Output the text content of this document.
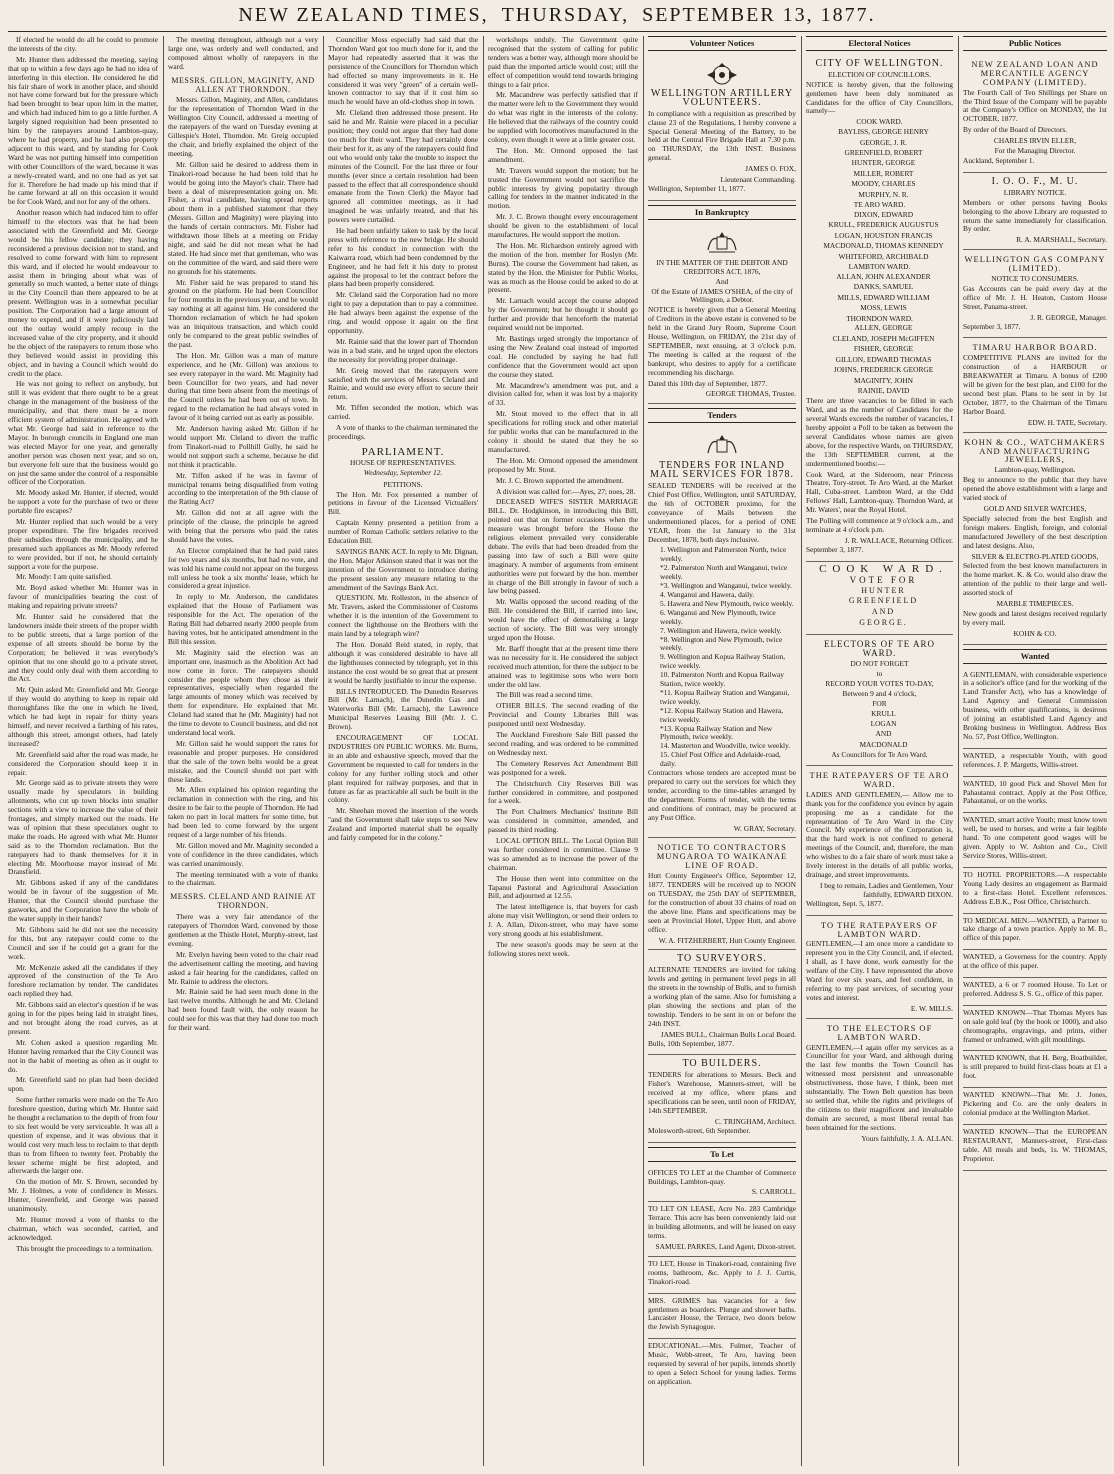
NEW ZEALAND TIMES, THURSDAY, SEPTEMBER 13, 1877.

If elected he would do all he could to promote the interests of the city.

Mr. Hunter then addressed the meeting, saying that up to within a few days ago he had no idea of interfering in this election. He considered he did his fair share of work in another place, and should not have come forward but for the pressure which had been brought to bear upon him in the matter, and which had induced him to go a little further. A largely signed requisition had been presented to him by the ratepayers around Lambton-quay, where he had property, and he had also property adjacent to this ward, and by standing for Cook Ward he was not putting himself into competition with other Councillors of the ward, because it was a newly-created ward, and no one had as yet sat for it. Therefore he had made up his mind that if he came forward at all on this occasion it would be for Cook Ward, and not for any of the others.

Another reason which had induced him to offer himself to the electors was that he had been associated with the Greenfield and Mr. George would be his fellow candidate; they having reconsidered a previous decision not to stand, and resolved to come forward with him to represent this ward, and if elected he would endeavour to assist them in bringing about what was of generally so much wanted, a better state of things in the City Council than there appeared to be at present. Wellington was in a somewhat peculiar position. The Corporation had a large amount of money to expend, and if it were judiciously laid out the outlay would amply recoup in the increased value of the city property, and it should be the object of the ratepayers to return those who they believed would assist in providing this object, and in having a Council which would do credit to the place.

He was not going to reflect on anybody, but still it was evident that there ought to be a great change in the management of the business of the municipality, and that there must be a more efficient system of administration. He agreed with what Mr. George had said in reference to the Mayor. In borough councils in England one man was elected Mayor for one year, and generally another person was chosen next year, and so on, but everyone felt sure that the business would go on just the same under the control of a responsible officer of the Corporation.

Mr. Moody asked Mr. Hunter, if elected, would he support a vote for the purchase of two or three portable fire escapes?

Mr. Hunter replied that such would be a very proper expenditure. The fire brigades received their subsidies through the municipality, and he presumed such appliances as Mr. Moody referred to were provided, but if not, he should certainly support a vote for the purpose.

Mr. Moody: I am quite satisfied.

Mr. Boyd asked whether Mr. Hunter was in favour of municipalities bearing the cost of making and repairing private streets?

Mr. Hunter said he considered that the landowners inside their streets of the proper width to be public streets, that a large portion of the expense of all streets should be borne by the Corporation; he believed it was everybody's opinion that no one should go to a private street, and they could only deal with them according to the Act.

Mr. Quin asked Mr. Greenfield and Mr. George if they would do anything to keep in repair old thoroughfares like the one in which he lived, which he had kept in repair for thirty years himself, and never received a farthing of his rates, although this street, amongst others, had lately increased?

Mr. Greenfield said after the road was made, he considered the Corporation should keep it in repair.

Mr. George said as to private streets they were usually made by speculators in building allotments, who cut up town blocks into smaller sections with a view to increase the value of their frontages, and simply marked out the roads. He was of opinion that these speculators ought to make the roads. He agreed with what Mr. Hunter said as to the Thorndon reclamation. But the ratepayers had to thank themselves for it in electing Mr. Moorhouse mayor instead of Mr. Dransfield.

Mr. Gibbons asked if any of the candidates would be in favour of the suggestion of Mr. Hunter, that the Council should purchase the gasworks, and the Corporation have the whole of the water supply in their hands?

Mr. Gibbons said he did not see the necessity for this, but any ratepayer could come to the Council and see if he could get a grant for the work.

Mr. McKenzie asked all the candidates if they approved of the construction of the Te Aro foreshore reclamation by tender. The candidates each replied they had.

Mr. Gibbons said an elector's question if he was going in for the pipes being laid in straight lines, and not brought along the road curves, as at present.

Mr. Cohen asked a question regarding Mr. Hunter having remarked that the City Council was not in the habit of meeting as often as it ought to do.

Mr. Greenfield said no plan had been decided upon.

Some further remarks were made on the Te Aro foreshore question, during which Mr. Hunter said he thought a reclamation to the depth of from four to six feet would be very serviceable. It was all a question of expense, and it was obvious that it would cost very much less to reclaim to that depth than to from fifteen to twenty feet. Probably the lesser scheme might be first adopted, and afterwards the larger one.

On the motion of Mr. S. Brown, seconded by Mr. J. Holmes, a vote of confidence in Messrs. Hunter, Greenfield, and George was passed unanimously.

Mr. Hunter moved a vote of thanks to the chairman, which was seconded, carried, and acknowledged.

This brought the proceedings to a termination.

The meeting throughout, although not a very large one, was orderly and well conducted, and composed almost wholly of ratepayers in the ward.

MESSRS. GILLON, MAGINITY, AND ALLEN AT THORNDON.

Messrs. Gillon, Maginity, and Allen, candidates for the representation of Thorndon Ward in the Wellington City Council, addressed a meeting of the ratepayers of the ward on Tuesday evening at Gillespie's Hotel, Thorndon. Mr. Greig occupied the chair, and briefly explained the object of the meeting.

Mr. Gillon said he desired to address them in Tinakori-road because he had been told that he would be going into the Mayor's chair. There had been a deal of misrepresentation going on. Mr. Fisher, a rival candidate, having spread reports about them in a published statement that they (Messrs. Gillon and Maginity) were playing into the hands of certain contractors. Mr. Fisher had withdrawn those libels at a meeting on Friday night, and said he did not mean what he had stated. He had since met that gentleman, who was on the committee of the ward, and said there were no grounds for his statements.

Mr. Fisher said he was prepared to stand his ground on the platform. He had been Councillor for four months in the previous year, and he would say nothing at all against him. He considered the Thorndon reclamation of which he had spoken was an iniquitous transaction, and which could only be compared to the great public swindles of the past.

The Hon. Mr. Gillon was a man of mature experience, and he (Mr. Gillon) was anxious to see every ratepayer in the ward. Mr. Maginity had been Councillor for two years, and had never during that time been absent from the meetings of the Council unless he had been out of town. In regard to the reclamation he had always voted in favour of it being carried out as early as possible.

Mr. Anderson having asked Mr. Gillon if he would support Mr. Cleland to divert the traffic from Tinakori-road to Pollhill Gully, he said he would not support such a scheme, because he did not think it practicable.

Mr. Tiffen asked if he was in favour of municipal tenants being disqualified from voting according to the interpretation of the 9th clause of the Rating Act?

Mr. Gillon did not at all agree with the principle of the clause, the principle he agreed with being that the persons who paid the rates should have the votes.

An Elector complained that he had paid rates for two years and six months, but had no vote, and was told his name could not appear on the burgess roll unless he took a six months' lease, which he considered a great injustice.

In reply to Mr. Anderson, the candidates explained that the House of Parliament was responsible for the Act. The operation of the Rating Bill had debarred nearly 2000 people from having votes, but he anticipated amendment in the Bill this session.

Mr. Maginity said the election was an important one, inasmuch as the Abolition Act had now come in force. The ratepayers should consider the people whom they chose as their representatives, especially when regarded the large amounts of money which was received by them for expenditure. He explained that Mr. Cleland had stated that he (Mr. Maginity) had not the time to devote to Council business, and did not understand local work.

Mr. Gillon said he would support the rates for reasonable and proper purposes. He considered that the sale of the town belts would be a great mistake, and the Council should not part with these lands.

Mr. Allen explained his opinion regarding the reclamation in connection with the ring, and his desire to be fair to the people of Thorndon. He had taken no part in local matters for some time, but had been led to come forward by the urgent request of a large number of his friends.

Mr. Gillon moved and Mr. Maginity seconded a vote of confidence in the three candidates, which was carried unanimously.

The meeting terminated with a vote of thanks to the chairman.

MESSRS. CLELAND AND RAINIE AT THORNDON.

There was a very fair attendance of the ratepayers of Thorndon Ward, convened by those gentlemen at the Thistle Hotel, Murphy-street, last evening.

Mr. Evelyn having been voted to the chair read the advertisement calling the meeting, and having asked a fair hearing for the candidates, called on Mr. Rainie to address the electors.

Mr. Rainie said he had seen much done in the last twelve months. Although he and Mr. Cleland had been found fault with, the only reason he could see for this was that they had done too much for their ward.

Councillor Moss especially had said that the Thorndon Ward got too much done for it, and the Mayor had repeatedly asserted that it was the persistence of the Councillors for Thorndon which had effected so many improvements in it. He considered it was very "green" of a certain well-known contractor to say that if it cost him so much he would have an old-clothes shop in town.

Mr. Cleland then addressed those present. He said he and Mr. Rainie were placed in a peculiar position; they could not argue that they had done too much for their ward. They had certainly done their best for it, as any of the ratepayers could find out who would only take the trouble to inspect the minutes of the Council. For the last three or four months (ever since a certain resolution had been passed to the effect that all correspondence should emanate from the Town Clerk) the Mayor had ignored all committee meetings, as it had imagined he was unfairly treated, and that his powers were curtailed.

He had been unfairly taken to task by the local press with reference to the new bridge. He should refer to his conduct in connection with the Kaiwarra road, which had been condemned by the Engineer, and he had felt it his duty to protest against the proposal to let the contract before the plans had been properly considered.

Mr. Cleland said the Corporation had no more right to pay a deputation than to pay a committee. He had always been against the expense of the ring, and would oppose it again on the first opportunity.

Mr. Rainie said that the lower part of Thorndon was in a bad state, and he urged upon the electors the necessity for providing proper drainage.

Mr. Greig moved that the ratepayers were satisfied with the services of Messrs. Cleland and Rainie, and would use every effort to secure their return.

Mr. Tiffen seconded the motion, which was carried.

A vote of thanks to the chairman terminated the proceedings.

PARLIAMENT.

HOUSE OF REPRESENTATIVES.

Wednesday, September 12.

PETITIONS.

The Hon. Mr. Fox presented a number of petitions in favour of the Licensed Victuallers' Bill.

Captain Kenny presented a petition from a number of Roman Catholic settlers relative to the Education Bill.

SAVINGS BANK ACT. In reply to Mr. Dignan, the Hon. Major Atkinson stated that it was not the intention of the Government to introduce during the present session any measure relating to the amendment of the Savings Bank Act.

QUESTION. Mr. Rolleston, in the absence of Mr. Travers, asked the Commissioner of Customs whether it is the intention of the Government to connect the lighthouse on the Brothers with the main land by a telegraph wire?

The Hon. Donald Reid stated, in reply, that although it was considered desirable to have all the lighthouses connected by telegraph, yet in this instance the cost would be so great that at present it would be hardly justifiable to incur the expense.

BILLS INTRODUCED. The Dunedin Reserves Bill (Mr. Larnach), the Dunedin Gas and Waterworks Bill (Mr. Larnach), the Lawrence Municipal Reserves Leasing Bill (Mr. J. C. Brown).

ENCOURAGEMENT OF LOCAL INDUSTRIES ON PUBLIC WORKS. Mr. Burns, in an able and exhaustive speech, moved that the Government be requested to call for tenders in the colony for any further rolling stock and other plant required for railway purposes, and that in future as far as practicable all such be built in the colony.

Mr. Sheehan moved the insertion of the words "and the Government shall take steps to see New Zealand and imported material shall be equally and fairly competed for in the colony."

workshops unduly. The Government quite recognised that the system of calling for public tenders was a better way, although more should be paid than the imported article would cost; still the effect of competition would tend towards bringing things to a fair price.

Mr. Macandrew was perfectly satisfied that if the matter were left to the Government they would do what was right in the interests of the colony. He believed that the railways of the country could be supplied with locomotives manufactured in the colony, even though it were at a little greater cost.

The Hon. Mr. Ormond opposed the last amendment.

Mr. Travers would support the motion; but he trusted the Government would not sacrifice the public interests by giving popularity through calling for tenders in the manner indicated in the motion.

Mr. J. C. Brown thought every encouragement should be given to the establishment of local manufactures. He would support the motion.

The Hon. Mr. Richardson entirely agreed with the motion of the hon. member for Roslyn (Mr. Burns). The course the Government had taken, as stated by the Hon. the Minister for Public Works, was as much as the House could be asked to do at present.

Mr. Larnach would accept the course adopted by the Government; but he thought it should go further and provide that henceforth the material required would not be imported.

Mr. Bastings urged strongly the importance of using the New Zealand coal instead of imported coal. He concluded by saying he had full confidence that the Government would act upon the course they stated.

Mr. Macandrew's amendment was put, and a division called for, when it was lost by a majority of 33.

Mr. Stout moved to the effect that in all specifications for rolling stock and other material for public works that can be manufactured in the colony it should be stated that they be so manufactured.

The Hon. Mr. Ormond opposed the amendment proposed by Mr. Stout.

Mr. J. C. Brown supported the amendment.

A division was called for:—Ayes, 27; noes, 28.

DECEASED WIFE'S SISTER MARRIAGE BILL. Dr. Hodgkinson, in introducing this Bill, pointed out that on former occasions when the measure was brought before the House the religious element prevailed very considerable debate. The evils that had been dreaded from the passing into law of such a Bill were quite imaginary. A number of arguments from eminent authorities were put forward by the hon. member in charge of the Bill strongly in favour of such a law being passed.

Mr. Wallis opposed the second reading of the Bill. He considered the Bill, if carried into law, would have the effect of demoralising a large section of society. The Bill was very strongly urged upon the House.

Mr. Barff thought that at the present time there was no necessity for it. He considered the subject received much attention, for there the subject to be attained was to legitimise sons who were born under the old law.

The Bill was read a second time.

OTHER BILLS. The second reading of the Provincial and County Libraries Bill was postponed until next Wednesday.

The Auckland Foreshore Sale Bill passed the second reading, and was ordered to be committed on Wednesday next.

The Cemetery Reserves Act Amendment Bill was postponed for a week.

The Christchurch City Reserves Bill was further considered in committee, and postponed for a week.

The Port Chalmers Mechanics' Institute Bill was considered in committee, amended, and passed its third reading.

LOCAL OPTION BILL. The Local Option Bill was further considered in committee. Clause 9 was so amended as to increase the power of the chairman.

The House then went into committee on the Tapanui Pastoral and Agricultural Association Bill, and adjourned at 12.55.

The latest intelligence is, that buyers for cash alone may visit Wellington, or send their orders to J. A. Allan, Dixon-street, who may have some very strong goods at his establishment.

The new season's goods may be seen at the following stores next week.

Volunteer Notices

WELLINGTON ARTILLERY VOLUNTEERS.

In compliance with a requisition as prescribed by clause 23 of the Regulations, I hereby convene a Special General Meeting of the Battery, to be held at the Central Fire Brigade Hall at 7.30 p.m. on THURSDAY, the 13th INST. Business general.

JAMES O. FOX,

Lieutenant Commanding.

Wellington, September 11, 1877.

In Bankruptcy

IN THE MATTER OF THE DEBTOR AND CREDITORS ACT, 1876,

And

Of the Estate of JAMES O'SHEA, of the city of Wellington, a Debtor.

NOTICE is hereby given that a General Meeting of Creditors in the above estate is convened to be held in the Grand Jury Room, Supreme Court House, Wellington, on FRIDAY, the 21st day of SEPTEMBER, next ensuing, at 3 o'clock p.m. The meeting is called at the request of the bankrupt, who desires to apply for a certificate recommending his discharge.

Dated this 10th day of September, 1877.

GEORGE THOMAS, Trustee.

Tenders

TENDERS FOR INLAND MAIL SERVICES FOR 1878.

SEALED TENDERS will be received at the Chief Post Office, Wellington, until SATURDAY, the 6th of OCTOBER proximo, for the conveyance of Mails between the undermentioned places, for a period of ONE YEAR, from the 1st January to the 31st December, 1878, both days inclusive.

1. Wellington and Palmerston North, twice weekly.

*2. Palmerston North and Wanganui, twice weekly.

*3. Wellington and Wanganui, twice weekly.

4. Wanganui and Hawera, daily.

5. Hawera and New Plymouth, twice weekly.

6. Wanganui and New Plymouth, twice weekly.

7. Wellington and Hawera, twice weekly.

*8. Wellington and New Plymouth, twice weekly.

9. Wellington and Kopua Railway Station, twice weekly.

10. Palmerston North and Kopua Railway Station, twice weekly.

*11. Kopua Railway Station and Wanganui, twice weekly.

*12. Kopua Railway Station and Hawera, twice weekly.

*13. Kopua Railway Station and New Plymouth, twice weekly.

14. Masterton and Woodville, twice weekly.

15. Chief Post Office and Adelaide-road, daily.

Contractors whose tenders are accepted must be prepared to carry out the services for which they tender, according to the time-tables arranged by the department. Forms of tender, with the terms and conditions of contract, may be procured at any Post Office.

W. GRAY, Secretary.

NOTICE TO CONTRACTORS MUNGAROA TO WAIKANAE LINE OF ROAD.

Hutt County Engineer's Office, September 12, 1877. TENDERS will be received up to NOON on TUESDAY, the 25th DAY of SEPTEMBER, for the construction of about 33 chains of road on the above line. Plans and specifications may be seen at Provincial Hotel, Upper Hutt, and above office.

W. A. FITZHERBERT, Hutt County Engineer.

TO SURVEYORS.

ALTERNATE TENDERS are invited for taking levels and getting in permanent level pegs in all the streets in the township of Bulls, and to furnish a working plan of the same. Also for furnishing a plan showing the sections and plan of the township. Tenders to be sent in on or before the 24th INST.

JAMES BULL, Chairman Bulls Local Board.

Bulls, 10th September, 1877.

TO BUILDERS.

TENDERS for alterations to Messrs. Beck and Fisher's Warehouse, Manners-street, will be received at my office, where plans and specifications can be seen, until noon of FRIDAY, 14th SEPTEMBER.

C. TRINGHAM, Architect.

Molesworth-street, 6th September.

To Let

OFFICES TO LET at the Chamber of Commerce Buildings, Lambton-quay.

S. CARROLL.

TO LET ON LEASE, Acre No. 283 Cambridge Terrace. This acre has been conveniently laid out in building allotments, and will be leased on easy terms.

SAMUEL PARKES, Land Agent, Dixon-street.

TO LET, House in Tinakori-road, containing five rooms, bathroom, &c. Apply to J. J. Curtis, Tinakori-road.

MRS. GRIMES has vacancies for a few gentlemen as boarders. Plunge and shower baths. Lancaster House, the Terrace, two doors below the Jewish Synagogue.

EDUCATIONAL.—Mrs. Fulmer, Teacher of Music, Webb-street, Te Aro, having been requested by several of her pupils, intends shortly to open a Select School for young ladies. Terms on application.

Electoral Notices

CITY OF WELLINGTON.

ELECTION OF COUNCILLORS.

NOTICE is hereby given, that the following gentlemen have been duly nominated as Candidates for the office of City Councillors, namely—

COOK WARD.

BAYLISS, GEORGE HENRY

GEORGE, J. R.

GREENFIELD, ROBERT

HUNTER, GEORGE

MILLER, ROBERT

MOODY, CHARLES

MURPHY, N. R.

TE ARO WARD.

DIXON, EDWARD

KRULL, FREDERICK AUGUSTUS

LOGAN, HOUSTON FRANCIS

MACDONALD, THOMAS KENNEDY

WHITEFORD, ARCHIBALD

LAMBTON WARD.

ALLAN, JOHN ALEXANDER

DANKS, SAMUEL

MILLS, EDWARD WILLIAM

MOSS, LEWIS

THORNDON WARD.

ALLEN, GEORGE

CLELAND, JOSEPH McGIFFEN

FISHER, GEORGE

GILLON, EDWARD THOMAS

JOHNS, FREDERICK GEORGE

MAGINITY, JOHN

RAINIE, DAVID

There are three vacancies to be filled in each Ward, and as the number of Candidates for the several Wards exceeds the number of vacancies, I hereby appoint a Poll to be taken as between the several Candidates whose names are given above, for the respective Wards, on THURSDAY, the 13th SEPTEMBER current, at the undermentioned booths:—

Cook Ward, at the Sideroom, near Princess Theatre, Tory-street. Te Aro Ward, at the Market Hall, Cuba-street. Lambton Ward, at the Odd Fellows' Hall, Lambton-quay. Thorndon Ward, at Mr. Waters', near the Royal Hotel.

The Polling will commence at 9 o'clock a.m., and terminate at 4 o'clock p.m.

J. R. WALLACE, Returning Officer.

September 3, 1877.

COOK WARD.

VOTE FOR

HUNTER

GREENFIELD

AND

GEORGE.

ELECTORS OF TE ARO WARD.

DO NOT FORGET

to

RECORD YOUR VOTES TO-DAY,

Between 9 and 4 o'clock,

FOR

KRULL

LOGAN

AND

MACDONALD

As Councillors for Te Aro Ward.

THE RATEPAYERS OF TE ARO WARD.

LADIES AND GENTLEMEN,— Allow me to thank you for the confidence you evince by again proposing me as a candidate for the representation of Te Aro Ward in the City Council. My experience of the Corporation is, that the hard work is not confined to general meetings of the Council, and, therefore, the man who wishes to do a fair share of work must take a lively interest in the details of all public works, drainage, and street improvements.

I beg to remain, Ladies and Gentlemen, Your faithfully, EDWARD DIXON.

Wellington, Sept. 5, 1877.

TO THE RATEPAYERS OF LAMBTON WARD.

GENTLEMEN,—I am once more a candidate to represent you in the City Council, and, if elected, I shall, as I have done, work earnestly for the welfare of the City. I have represented the above Ward for over six years, and feel confident, in referring to my past services, of securing your votes and interest.

E. W. MILLS.

TO THE ELECTORS OF LAMBTON WARD.

GENTLEMEN,—I again offer my services as a Councillor for your Ward, and although during the last few months the Town Council has witnessed most persistent and unreasonable obstructiveness, those have, I think, been met substantially. The Town Belt question has been so settled that, while the rights and privileges of the citizens to their magnificent and invaluable domain are secured, a most liberal rental has been obtained for the sections.

Yours faithfully, J. A. ALLAN.

Public Notices

NEW ZEALAND LOAN AND MERCANTILE AGENCY COMPANY (LIMITED).

The Fourth Call of Ten Shillings per Share on the Third Issue of the Company will be payable at the Company's Office on MONDAY, the 1st OCTOBER, 1877.

By order of the Board of Directors.

CHARLES IRVIN ELLER,

For the Managing Director.

Auckland, September 1.

I. O. O. F., M. U.

LIBRARY NOTICE.

Members or other persons having Books belonging to the above Library are requested to return the same immediately for classification. By order.

R. A. MARSHALL, Secretary.

WELLINGTON GAS COMPANY (LIMITED).

NOTICE TO CONSUMERS.

Gas Accounts can be paid every day at the office of Mr. J. H. Heaton, Custom House Street, Panama-street.

J. R. GEORGE, Manager.

September 3, 1877.

TIMARU HARBOR BOARD.

COMPETITIVE PLANS are invited for the construction of a HARBOUR or BREAKWATER at Timaru. A bonus of £200 will be given for the best plan, and £100 for the second best plan. Plans to be sent in by 1st October, 1877, to the Chairman of the Timaru Harbor Board.

EDW. H. TATE, Secretary.

KOHN & CO., WATCHMAKERS AND MANUFACTURING JEWELLERS,

Lambton-quay, Wellington.

Beg to announce to the public that they have opened the above establishment with a large and varied stock of

GOLD AND SILVER WATCHES,

Specially selected from the best English and foreign makers. English, foreign, and colonial manufactured Jewellery of the best description and latest designs. Also,

SILVER & ELECTRO-PLATED GOODS,

Selected from the best known manufacturers in the home market. K. & Co. would also draw the attention of the public to their large and well-assorted stock of

MARBLE TIMEPIECES.

New goods and latest designs received regularly by every mail.

KOHN & CO.

Wanted

A GENTLEMAN, with considerable experience in a solicitor's office (and for the working of the Land Transfer Act), who has a knowledge of Land Agency and General Commission business, with other qualifications, is desirous of joining an established Land Agency and Broking business in Wellington. Address Box No. 57, Post Office, Wellington.

WANTED, a respectable Youth, with good references. J. P. Margetts, Willis-street.

WANTED, 10 good Pick and Shovel Men for Pahautanui contract. Apply at the Post Office, Pahautanui, or on the works.

WANTED, smart active Youth; must know town well, be used to horses, and write a fair legible hand. To one competent good wages will be given. Apply to W. Ashton and Co., Civil Service Stores, Willis-street.

TO HOTEL PROPRIETORS.—A respectable Young Lady desires an engagement as Barmaid to a first-class Hotel. Excellent references. Address E.B.K., Post Office, Christchurch.

TO MEDICAL MEN.—WANTED, a Partner to take charge of a town practice. Apply to M. B., office of this paper.

WANTED, a Governess for the country. Apply at the office of this paper.

WANTED, a 6 or 7 roomed House. To Let or preferred. Address S. S. G., office of this paper.

WANTED KNOWN—That Thomas Myers has on sale gold leaf (by the book or 1000), and also chromographs, engravings, and prints, either framed or unframed, with gilt mouldings.

WANTED KNOWN, that H. Berg, Boatbuilder, is still prepared to build first-class boats at £1 a foot.

WANTED KNOWN—That Mr. J. Jones, Pickering and Co. are the only dealers in colonial produce at the Wellington Market.

WANTED KNOWN—That the EUROPEAN RESTAURANT, Manners-street, First-class table. All meals and beds, 1s. W. THOMAS, Proprietor.
